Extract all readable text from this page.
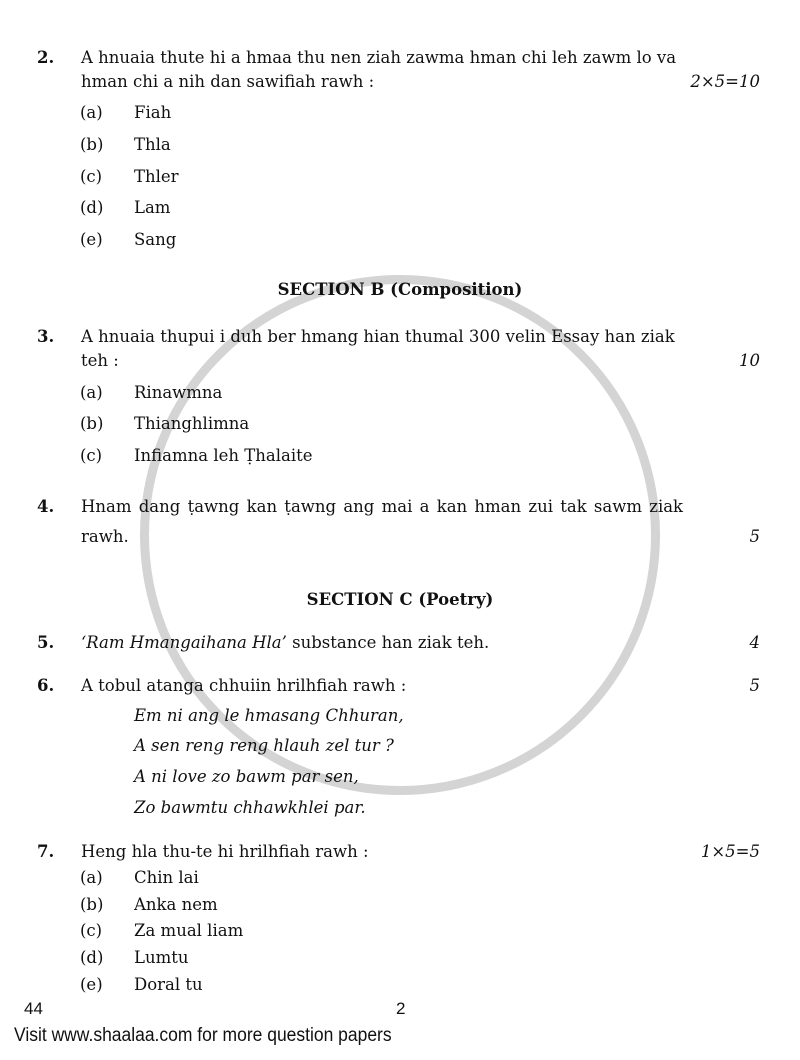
2. A hnuaia thute hi a hmaa thu nen ziah zawma hman chi leh zawm lo va
hman chi a nih dan sawifiah rawh :	2×5=10
(a) Fiah
(b) Thla
(c) Thler
(d) Lam
(e) Sang
SECTION B (Composition)
3. A hnuaia thupui i duh ber hmang hian thumal 300 velin Essay han ziak
teh :	10
(a) Rinawmna
(b) Thianghlimna
(c) Infiamna leh Ṭhalaite
4. Hnam dang ṭawng kan ṭawng ang mai a kan hman zui tak sawm ziak
rawh.	5
SECTION C (Poetry)
5. ‘Ram Hmangaihana Hla’ substance han ziak teh.	4
6. A tobul atanga chhuiin hrilhfiah rawh :	5
Em ni ang le hmasang Chhuran,
A sen reng reng hlauh zel tur ?
A ni love zo bawm par sen,
Zo bawmtu chhawkhlei par.
7. Heng hla thu-te hi hrilhfiah rawh :	1×5=5
(a) Chin lai
(b) Anka nem
(c) Za mual liam
(d) Lumtu
(e) Doral tu
44	2
Visit www.shaalaa.com for more question papers
